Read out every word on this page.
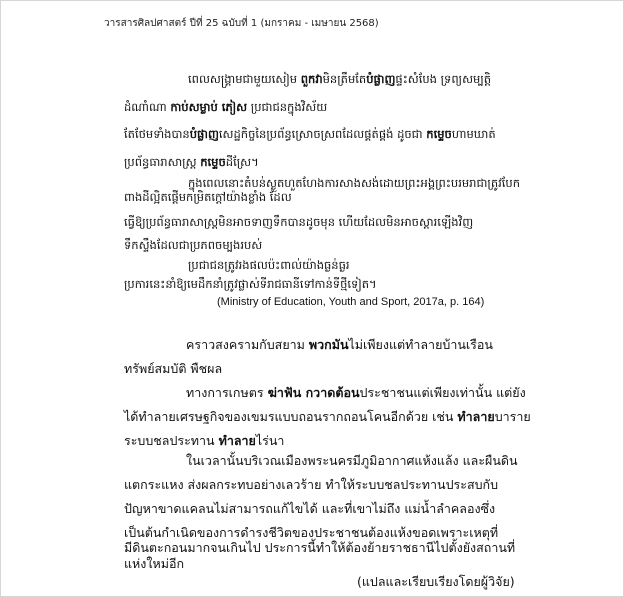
วารสารศิลปศาสตร์ ปีที่ 25 ฉบับที่ 1 (มกราคม - เมษายน 2568)
ពេលសង្គ្រាមជាមួយសៀម ពួកវាមិនត្រឹមតែបំផ្លាញផ្ទះសំបែង ទ្រព្យសម្បត្តិ
ដំណាំណា កាប់សម្លាប់ ភៀស ប្រជាជនក្នុងវិស័យ
តែថែមទាំងបានបំផ្លាញសេដ្ឋកិច្ចនៃប្រព័ន្ធស្រោចស្រពដែលផ្គត់ផ្គង់ ដូចជា កម្ទេចហាមឃាត់
ប្រព័ន្ធធារាសាស្ត្រ កម្ទេចដីស្រែ។
ក្នុងពេលនោះតំបន់ស្ងួតហួតហែងការសាងសង់ដោយព្រះអង្គព្រះបរមរាជាត្រូវបែក
ពាងដីល្អិតផ្តើមកម្រិតក្តៅយ៉ាងខ្លាំង ដែល
ធ្វើឱ្យប្រព័ន្ធធារាសាស្ត្រមិនអាចទាញទឹកបានដូចមុន ហើយដែលមិនអាចស្ដារឡើងវិញ
ទឹកស្ទឹងដែលជាប្រភពចម្បងរបស់
ប្រជាជនត្រូវរងផលប៉ះពាល់យ៉ាងធ្ងន់ធ្ងរ
ប្រការនេះនាំឱ្យមេដឹកនាំត្រូវផ្លាស់ទីរាជធានីទៅកាន់ទីថ្មីទៀត។
(Ministry of Education, Youth and Sport, 2017a, p. 164)
คราวสงครามกับสยาม พวกมันไม่เพียงแต่ทำลายบ้านเรือน
ทรัพย์สมบัติ พืชผล
ทางการเกษตร ฆ่าฟัน กวาดต้อนประชาชนแต่เพียงเท่านั้น แต่ยัง
ได้ทำลายเศรษฐกิจของเขมรแบบถอนรากถอนโคนอีกด้วย เช่น ทำลายบาราย
ระบบชลประทาน ทำลายไร่นา
ในเวลานั้นบริเวณเมืองพระนครมีภูมิอากาศแห้งแล้ง และผืนดิน
แตกระแหง ส่งผลกระทบอย่างเลวร้าย ทำให้ระบบชลประทานประสบกับ
ปัญหาขาดแคลนไม่สามารถแก้ไขได้ และที่เขาไม่ถึง แม่น้ำลำคลองซึ่ง
เป็นต้นกำเนิดของการดำรงชีวิตของประชาชนต้องแห้งขอดเพราะเหตุที่
มีดินตะกอนมากจนเกินไป ประการนี้ทำให้ต้องย้ายราชธานีไปตั้งยังสถานที่
แห่งใหม่อีก
(แปลและเรียบเรียงโดยผู้วิจัย)
